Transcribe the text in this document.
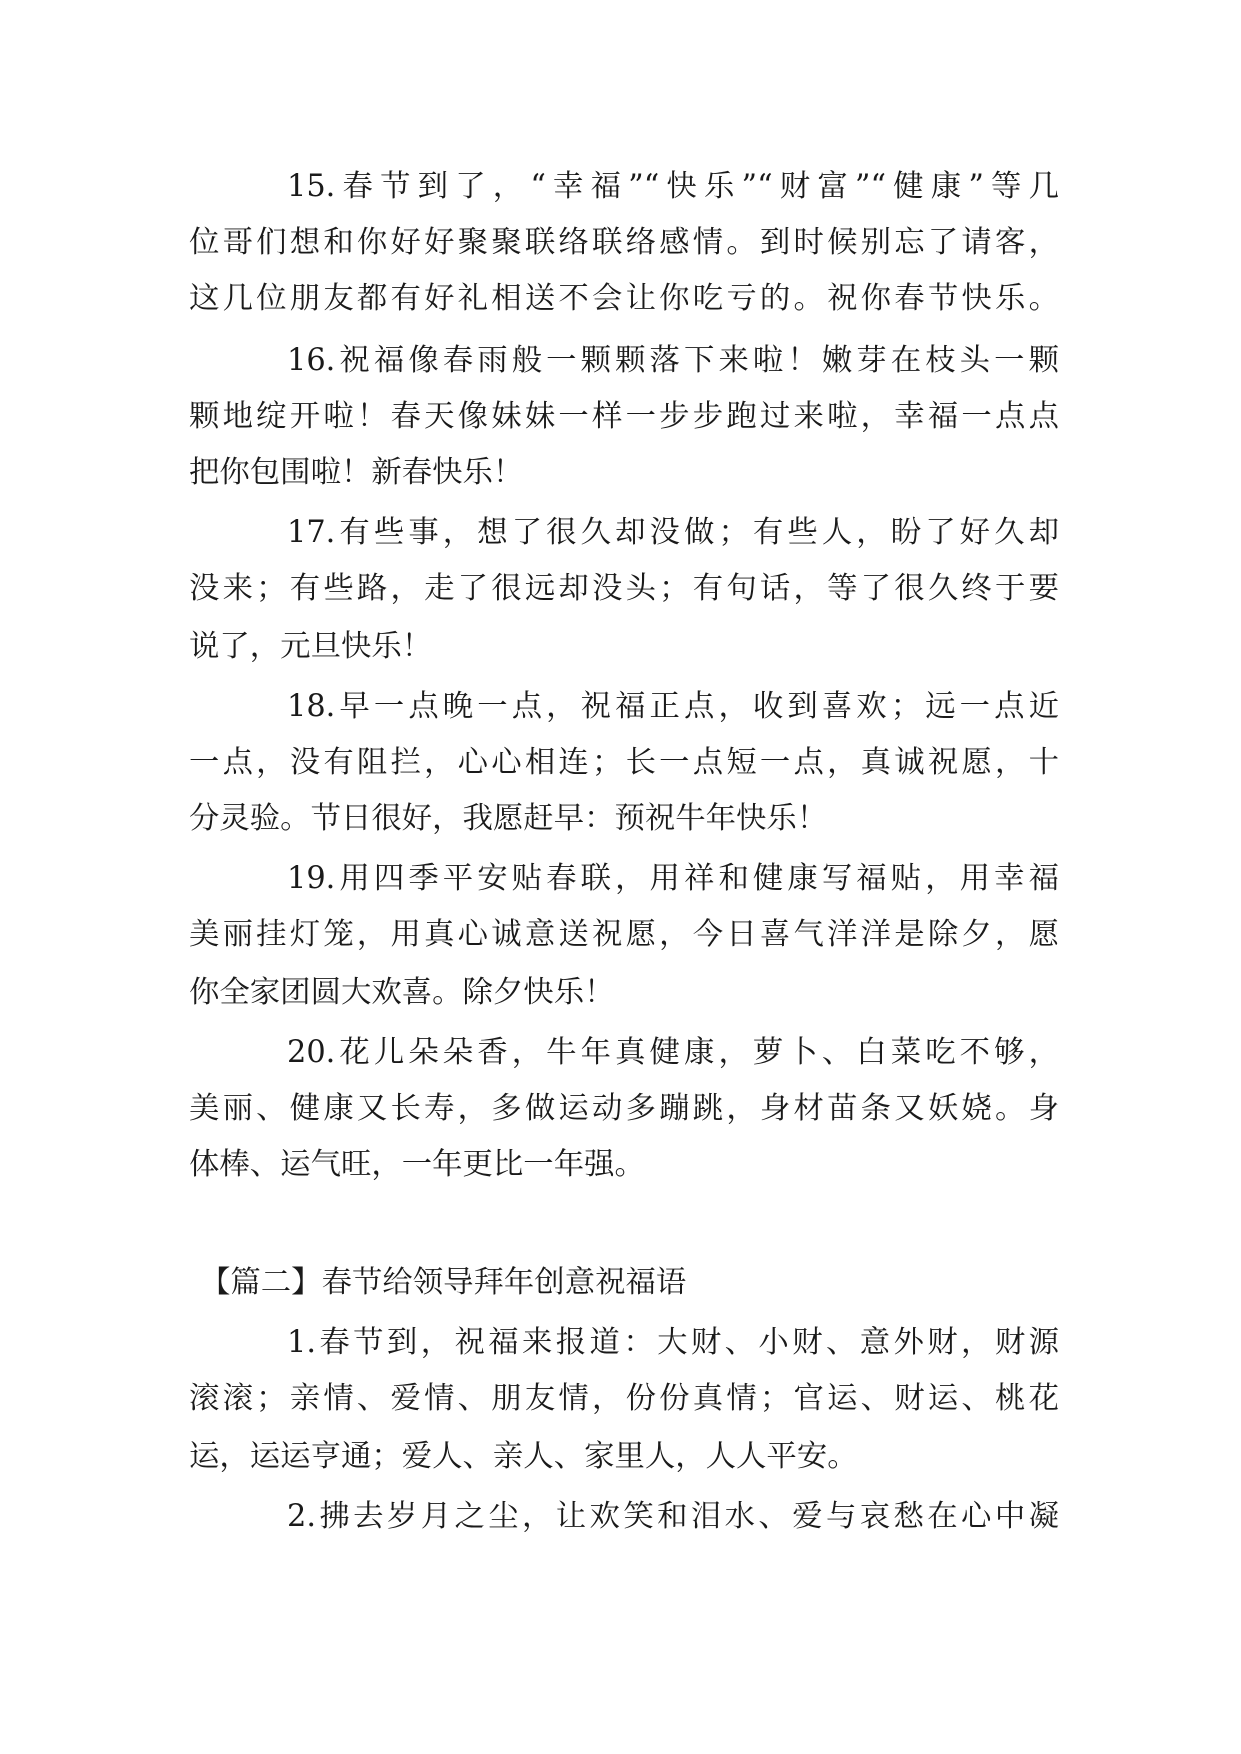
15.春节到了，“幸福”“快乐”“财富”“健康”等几
位哥们想和你好好聚聚联络联络感情。到时候别忘了请客，
这几位朋友都有好礼相送不会让你吃亏的。祝你春节快乐。
16.祝福像春雨般一颗颗落下来啦！嫩芽在枝头一颗
颗地绽开啦！春天像妹妹一样一步步跑过来啦，幸福一点点
把你包围啦！新春快乐！
17.有些事，想了很久却没做；有些人，盼了好久却
没来；有些路，走了很远却没头；有句话，等了很久终于要
说了，元旦快乐！
18.早一点晚一点，祝福正点，收到喜欢；远一点近
一点，没有阻拦，心心相连；长一点短一点，真诚祝愿，十
分灵验。节日很好，我愿赶早：预祝牛年快乐！
19.用四季平安贴春联，用祥和健康写福贴，用幸福
美丽挂灯笼，用真心诚意送祝愿，今日喜气洋洋是除夕，愿
你全家团圆大欢喜。除夕快乐！
20.花儿朵朵香，牛年真健康，萝卜、白菜吃不够，
美丽、健康又长寿，多做运动多蹦跳，身材苗条又妖娆。身
体棒、运气旺，一年更比一年强。
【篇二】春节给领导拜年创意祝福语
1.春节到，祝福来报道：大财、小财、意外财，财源
滚滚；亲情、爱情、朋友情，份份真情；官运、财运、桃花
运，运运亨通；爱人、亲人、家里人，人人平安。
2.拂去岁月之尘，让欢笑和泪水、爱与哀愁在心中凝
